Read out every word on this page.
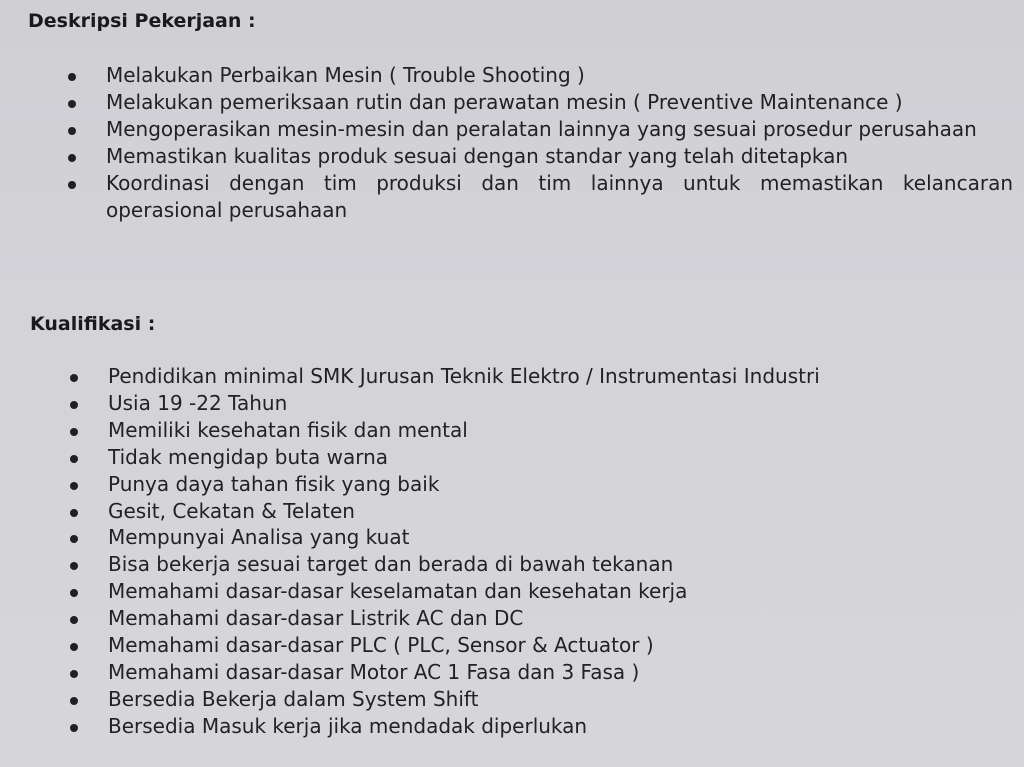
Deskripsi Pekerjaan :
Melakukan Perbaikan Mesin ( Trouble Shooting )
Melakukan pemeriksaan rutin dan perawatan mesin ( Preventive Maintenance )
Mengoperasikan mesin-mesin dan peralatan lainnya yang sesuai prosedur perusahaan
Memastikan kualitas produk sesuai dengan standar yang telah ditetapkan
Koordinasi dengan tim produksi dan tim lainnya untuk memastikan kelancaran operasional perusahaan
Kualifikasi :
Pendidikan minimal SMK Jurusan Teknik Elektro / Instrumentasi Industri
Usia 19 -22 Tahun
Memiliki kesehatan fisik dan mental
Tidak mengidap buta warna
Punya daya tahan fisik yang baik
Gesit, Cekatan & Telaten
Mempunyai Analisa yang kuat
Bisa bekerja sesuai target dan berada di bawah tekanan
Memahami dasar-dasar keselamatan dan kesehatan kerja
Memahami dasar-dasar Listrik AC dan DC
Memahami dasar-dasar PLC ( PLC, Sensor & Actuator )
Memahami dasar-dasar Motor AC 1 Fasa dan 3 Fasa )
Bersedia Bekerja dalam System Shift
Bersedia Masuk kerja jika mendadak diperlukan
